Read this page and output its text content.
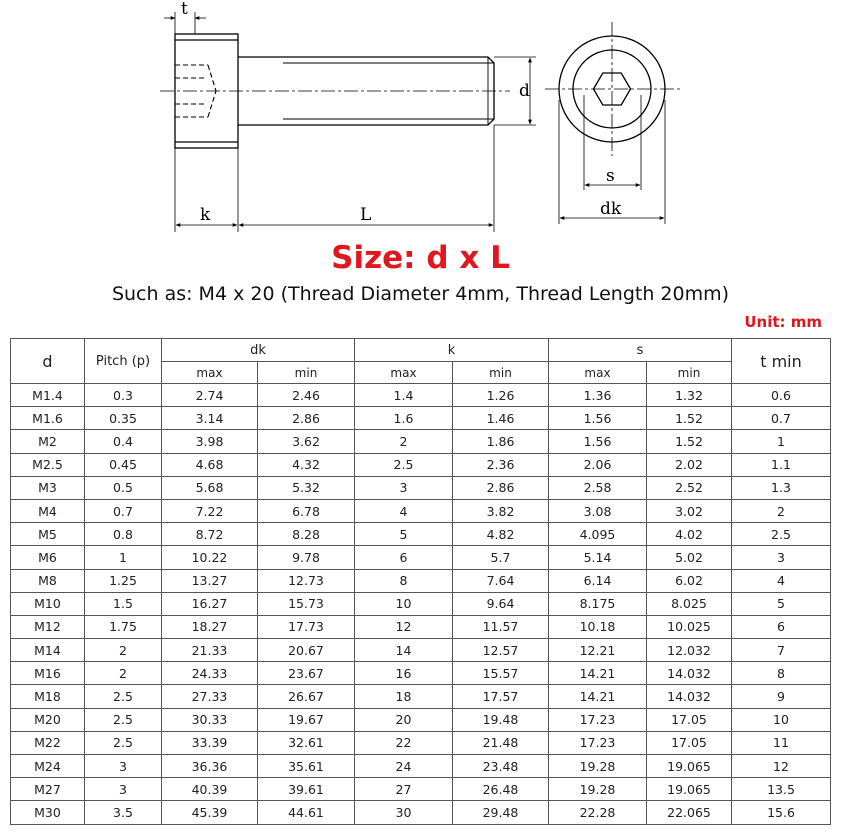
t
d
k	L
s
dk
Size: d x L

Such as: M4 x 20 (Thread Diameter 4mm, Thread Length 20mm)

Unit: mm
d	Pitch (p)	dk		k		s		t min
		max	min	max	min	max	min	
M1.4	0.3	2.74	2.46	1.4	1.26	1.36	1.32	0.6
M1.6	0.35	3.14	2.86	1.6	1.46	1.56	1.52	0.7
M2	0.4	3.98	3.62	2	1.86	1.56	1.52	1
M2.5	0.45	4.68	4.32	2.5	2.36	2.06	2.02	1.1
M3	0.5	5.68	5.32	3	2.86	2.58	2.52	1.3
M4	0.7	7.22	6.78	4	3.82	3.08	3.02	2
M5	0.8	8.72	8.28	5	4.82	4.095	4.02	2.5
M6	1	10.22	9.78	6	5.7	5.14	5.02	3
M8	1.25	13.27	12.73	8	7.64	6.14	6.02	4
M10	1.5	16.27	15.73	10	9.64	8.175	8.025	5
M12	1.75	18.27	17.73	12	11.57	10.18	10.025	6
M14	2	21.33	20.67	14	12.57	12.21	12.032	7
M16	2	24.33	23.67	16	15.57	14.21	14.032	8
M18	2.5	27.33	26.67	18	17.57	14.21	14.032	9
M20	2.5	30.33	19.67	20	19.48	17.23	17.05	10
M22	2.5	33.39	32.61	22	21.48	17.23	17.05	11
M24	3	36.36	35.61	24	23.48	19.28	19.065	12
M27	3	40.39	39.61	27	26.48	19.28	19.065	13.5
M30	3.5	45.39	44.61	30	29.48	22.28	22.065	15.6
